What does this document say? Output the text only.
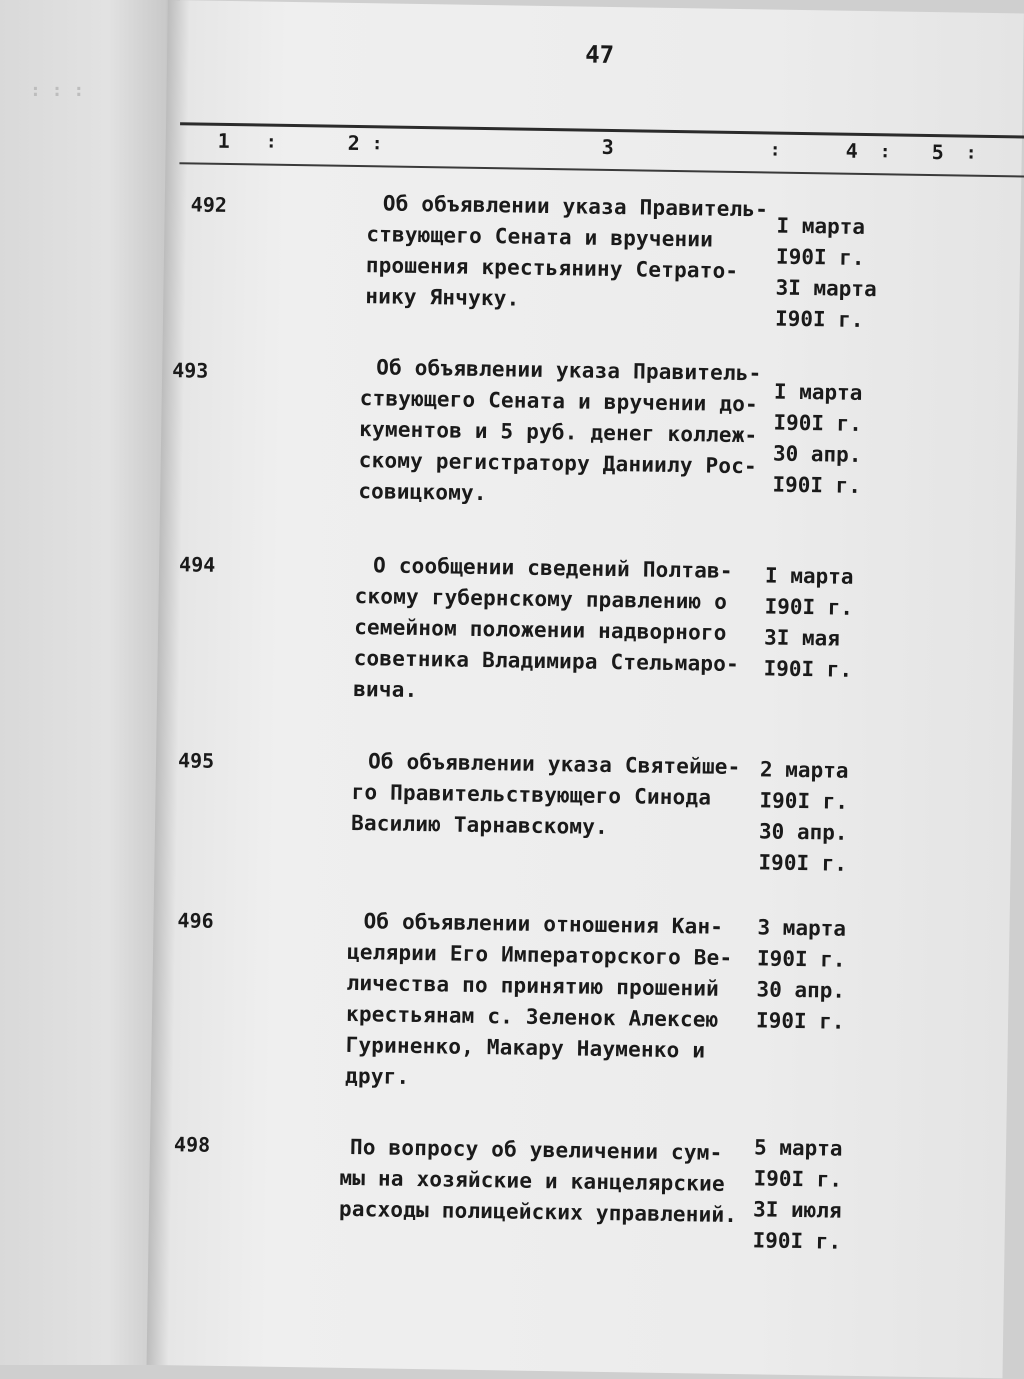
: : :
47
1 :	2 :	3	:	4 : 5 :
492	Об объявлении указа Правитель-
ствующего Сената и вручении
прошения крестьянину Сетрато-
нику Янчуку.
I марта
I90I г.
3I марта
I90I г.
493	Об объявлении указа Правитель-
ствующего Сената и вручении до-
кументов и 5 руб. денег коллеж-
скому регистратору Даниилу Рос-
совицкому.
I марта
I90I г.
30 апр.
I90I г.
494	О сообщении сведений Полтав-
скому губернскому правлению о
семейном положении надворного
советника Владимира Стельмаро-
вича.
I марта
I90I г.
3I мая
I90I г.
495	Об объявлении указа Святейше-
го Правительствующего Синода
Василию Тарнавскому.
2 марта
I90I г.
30 апр.
I90I г.
496	Об объявлении отношения Кан-
целярии Его Императорского Ве-
личества по принятию прошений
крестьянам с. Зеленок Алексею
Гуриненко, Макару Науменко и
друг.
3 марта
I90I г.
30 апр.
I90I г.
498	По вопросу об увеличении сум-
мы на хозяйские и канцелярские
расходы полицейских управлений.
5 марта
I90I г.
3I июля
I90I г.
